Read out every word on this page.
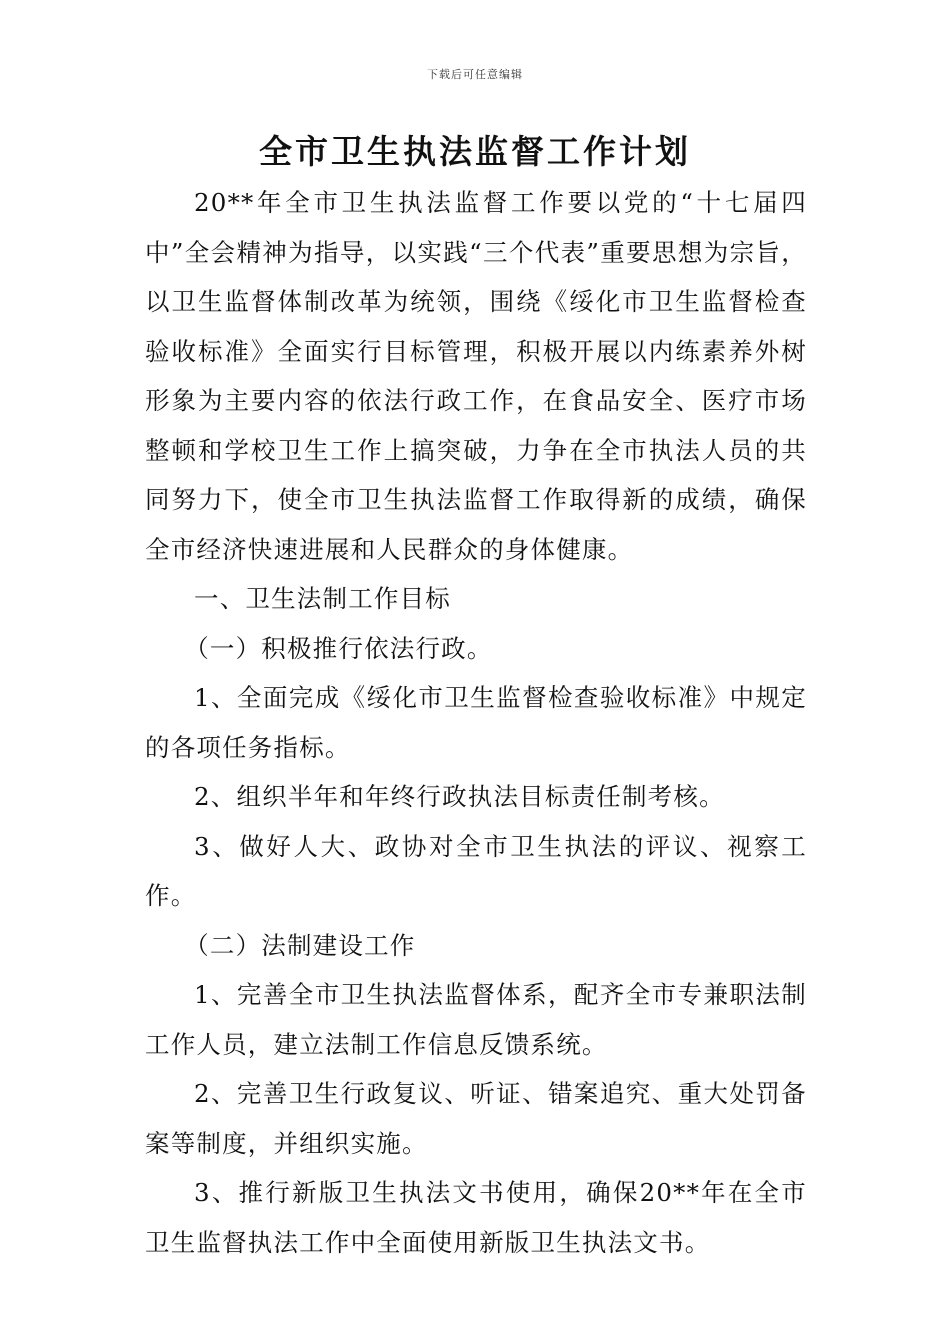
下载后可任意编辑
全市卫生执法监督工作计划

20**年全市卫生执法监督工作要以党的“十七届四中”全会精神为指导，以实践“三个代表”重要思想为宗旨，以卫生监督体制改革为统领，围绕《绥化市卫生监督检查验收标准》全面实行目标管理，积极开展以内练素养外树形象为主要内容的依法行政工作，在食品安全、医疗市场整顿和学校卫生工作上搞突破，力争在全市执法人员的共同努力下，使全市卫生执法监督工作取得新的成绩，确保全市经济快速进展和人民群众的身体健康。

一、卫生法制工作目标

（一）积极推行依法行政。

1、全面完成《绥化市卫生监督检查验收标准》中规定的各项任务指标。

2、组织半年和年终行政执法目标责任制考核。

3、做好人大、政协对全市卫生执法的评议、视察工作。

（二）法制建设工作

1、完善全市卫生执法监督体系，配齐全市专兼职法制工作人员，建立法制工作信息反馈系统。

2、完善卫生行政复议、听证、错案追究、重大处罚备案等制度，并组织实施。

3、推行新版卫生执法文书使用，确保20**年在全市卫生监督执法工作中全面使用新版卫生执法文书。
